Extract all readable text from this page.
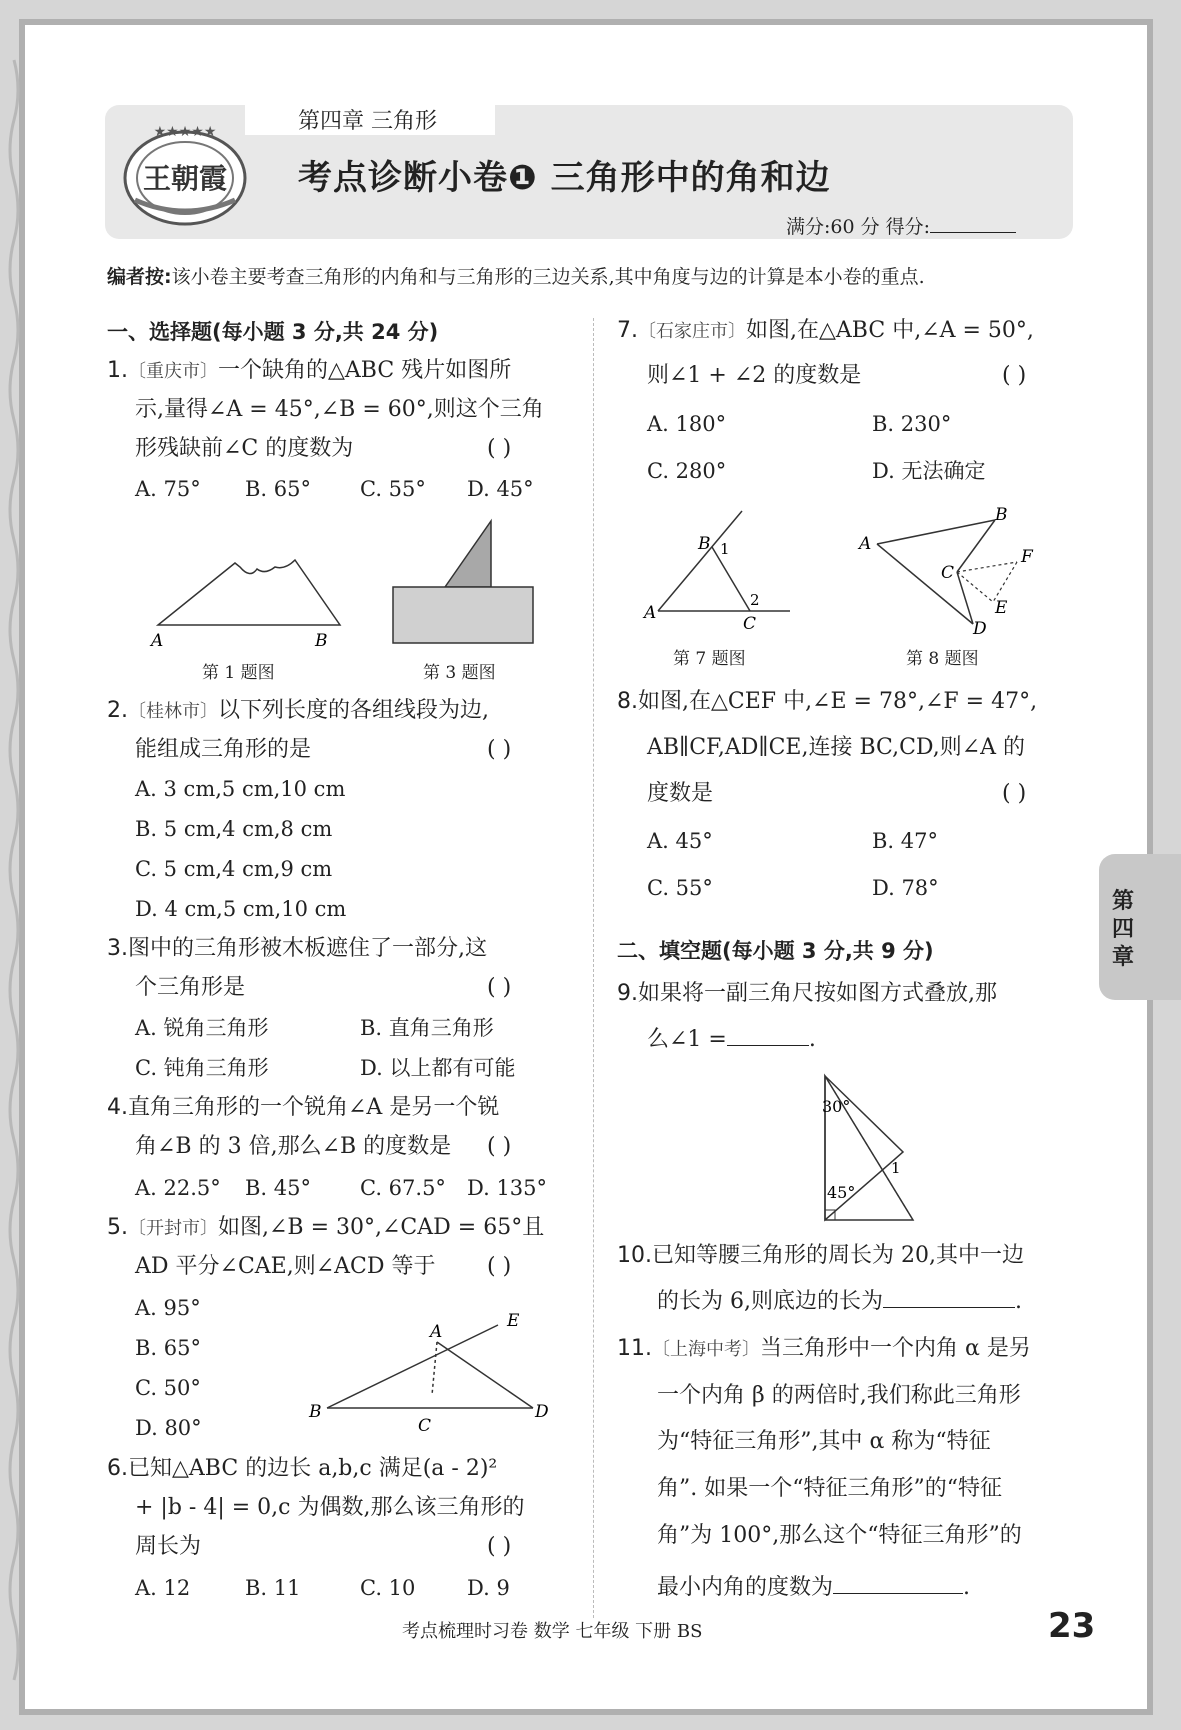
第四章 三角形
★★★★★
王朝霞 考点诊断小卷❶ 三角形中的角和边
满分:60 分 得分:
编者按:该小卷主要考查三角形的内角和与三角形的三边关系,其中角度与边的计算是本小卷的重点.
一、选择题(每小题 3 分,共 24 分)
1.〔重庆市〕一个缺角的△ABC 残片如图所
示,量得∠A = 45°,∠B = 60°,则这个三角
形残缺前∠C 的度数为	( )
A. 75° B. 65° C. 55° D. 45°
A	B
第 1 题图	第 3 题图
2.〔桂林市〕以下列长度的各组线段为边,
能组成三角形的是	( )
A. 3 cm,5 cm,10 cm
B. 5 cm,4 cm,8 cm
C. 5 cm,4 cm,9 cm
D. 4 cm,5 cm,10 cm
3.图中的三角形被木板遮住了一部分,这
个三角形是	( )
A. 锐角三角形	B. 直角三角形
C. 钝角三角形	D. 以上都有可能
4.直角三角形的一个锐角∠A 是另一个锐
角∠B 的 3 倍,那么∠B 的度数是 ( )
A. 22.5° B. 45° C. 67.5° D. 135°
5.〔开封市〕如图,∠B = 30°,∠CAD = 65°且
AD 平分∠CAE,则∠ACD 等于 ( )
A. 95°
B. 65°
C. 50°
D. 80°
A
B
C
D
E
6.已知△ABC 的边长 a,b,c 满足(a - 2)²
+ |b - 4| = 0,c 为偶数,那么该三角形的
周长为	( )
A. 12	B. 11	C. 10 D. 9
7.〔石家庄市〕如图,在△ABC 中,∠A = 50°,
则∠1 + ∠2 的度数是	( )
A. 180°	B. 230°
C. 280°	D. 无法确定
B 1
A
2
C
第 7 题图
A
B
C
F
E
D
第 8 题图
8.如图,在△CEF 中,∠E = 78°,∠F = 47°,
AB∥CF,AD∥CE,连接 BC,CD,则∠A 的
度数是	( )
A. 45°	B. 47°
C. 55°	D. 78°
二、填空题(每小题 3 分,共 9 分)
9.如果将一副三角尺按如图方式叠放,那
么∠1 =	.
30°
45°
1
10.已知等腰三角形的周长为 20,其中一边
的长为 6,则底边的长为	.
11.〔上海中考〕当三角形中一个内角 α 是另
一个内角 β 的两倍时,我们称此三角形
为“特征三角形”,其中 α 称为“特征
角”. 如果一个“特征三角形”的“特征
角”为 100°,那么这个“特征三角形”的
最小内角的度数为	.
第
四
章
考点梳理时习卷 数学 七年级 下册 BS	23
